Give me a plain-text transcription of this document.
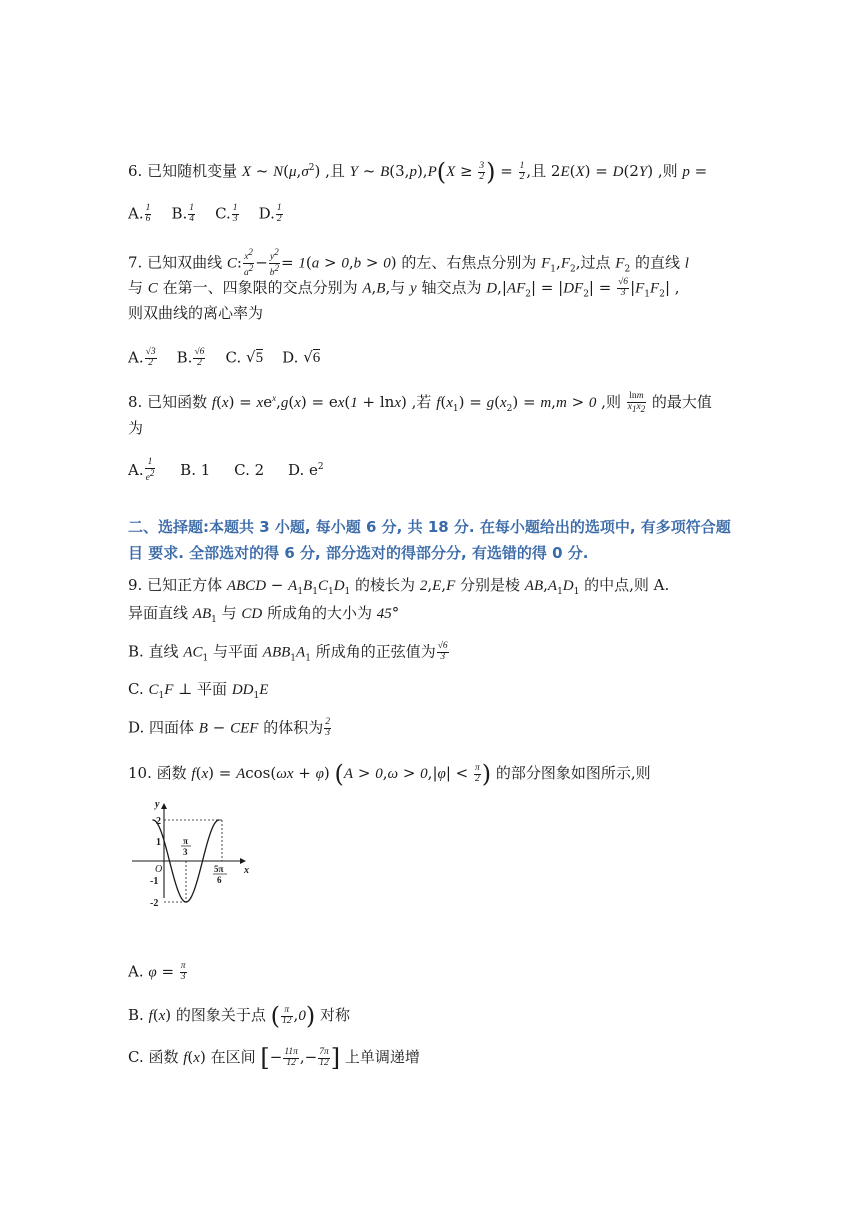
6. 已知随机变量 X ~ $N(\mu,\sigma^2)$ ,且 Y ~ $B(3,p),P(X \ge \frac{3}{2}$ ) = $\frac{1}{2}$ ,且 2E(X) = D(2Y) ,则 p =
A. $\frac{1}{6} B$. $\frac{1}{4} C$. $\frac{1}{3} D$. $\frac{1}{2}$
7. 已知双曲线 C: $\frac{x^2}{a^2} - \frac{y^2}{b^2} = 1(a > 0,b > 0)$ 的左、右焦点分别为 $F_1,F_2$,过点 $F_2$ 的直线 l
与 C 在第一、四象限的交点分别为 A,B,与 y 轴交点为 $D,|AF_2| = |DF_2| = \frac{√6}{3} |F_1F_2|$ ,
则双曲线的离心率为
A. $\frac{√3}{2} B$. $\frac{√6}{2} C$. √5 D. √6
8. 已知函数 $f(x) = xe^x,g(x) = ex(1 + \ln x)$ ,若 $f(x_1) = g(x_2) = m,m > 0$ ,则 $\frac{\ln m}{x_1x_2}$ 的最大值
为
A. $\frac{1}{e^2} B$. 1 C. 2 D. $e^2$
二、选择题:本题共 3 小题, 每小题 6 分, 共 18 分. 在每小题给出的选项中, 有多项符合题目 要求. 全部选对的得 6 分, 部分选对的得部分分, 有选错的得 0 分.
9. 已知正方体 ABCD − $A_1B_1C_1D_1$ 的棱长为 2,E,F 分别是棱 $AB,A_1D_1$ 的中点,则 A.
异面直线 $AB_1$ 与 CD 所成角的大小为 45°
B. 直线 $AC_1$ 与平面 $ABB_1A_1$ 所成角的正弦值为 $\frac{√6}{3}$
C. $C_1F$ ⊥ 平面 $DD_1E$
D. 四面体 B − CEF 的体积为 $\frac{2}{3}$
10. 函数 f(x) = Acos(ωx + φ) ($A > 0,\omega > 0,|\varphi| < \frac{\pi}{2}$ ) 的部分图象如图所示,则
y
x
O
2
1
-1
-2
π
3
5π
6
A. $\varphi = \frac{\pi}{3}$
B. f(x) 的图象关于点 ( $\frac{\pi}{12} ,0$) 对称
C. 函数 f(x) 在区间 [− $\frac{11\pi}{12}$ ,− $\frac{7\pi}{12}$ ] 上单调递增
